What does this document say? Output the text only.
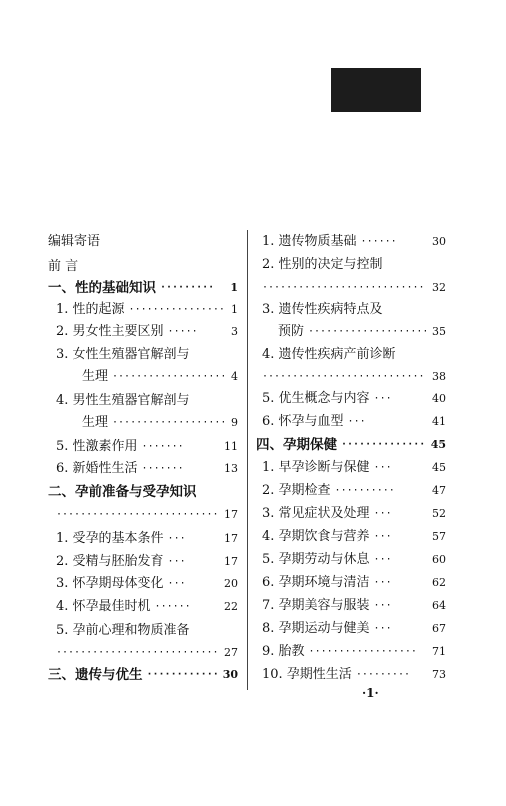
编辑寄语
前 言
一、性的基础知识 ········· 1
1. 性的起源 ················ 1
2. 男女性主要区别 ·····	3
3. 女性生殖器官解剖与
生理 ··················· 4
4. 男性生殖器官解剖与
生理 ··················· 9
5. 性激素作用 ·······	11
6. 新婚性生活 ·······	13
二、孕前准备与受孕知识
··························· 17
1. 受孕的基本条件 ···	17
2. 受精与胚胎发育 ···	17
3. 怀孕期母体变化 ···	20
4. 怀孕最佳时机 ······	22
5. 孕前心理和物质准备
··························· 27
三、遗传与优生 ············ 30
1. 遗传物质基础 ······	30
2. 性别的决定与控制
··························· 32
3. 遗传性疾病特点及
预防 ···················· 35
4. 遗传性疾病产前诊断
··························· 38
5. 优生概念与内容 ···	40
6. 怀孕与血型 ···	41
四、孕期保健 ·············· 45
1. 早孕诊断与保健 ···	45
2. 孕期检查 ··········	47
3. 常见症状及处理 ···	52
4. 孕期饮食与营养 ···	57
5. 孕期劳动与休息 ···	60
6. 孕期环境与清洁 ···	62
7. 孕期美容与服装 ···	64
8. 孕期运动与健美 ···	67
9. 胎教 ·················· 71
10. 孕期性生活 ········· 73
·1·
